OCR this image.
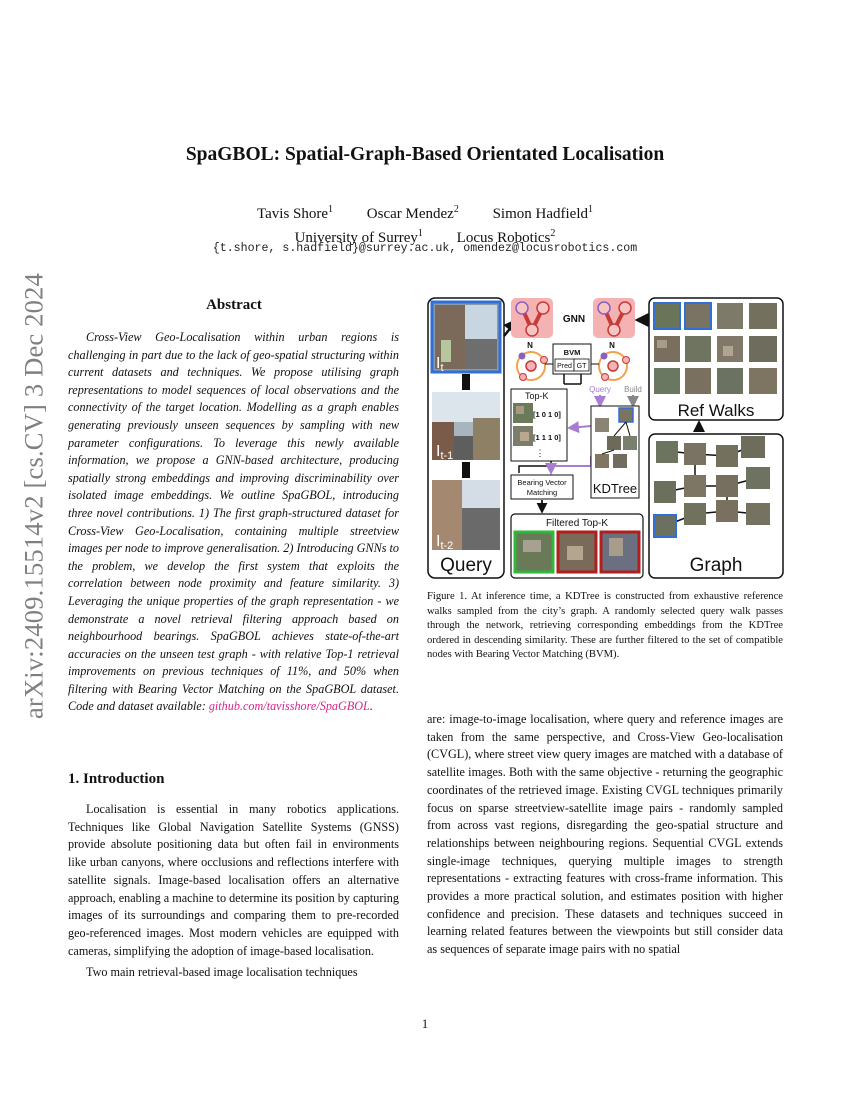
arXiv:2409.15514v2 [cs.CV] 3 Dec 2024
SpaGBOL: Spatial-Graph-Based Orientated Localisation
Tavis Shore$^1$ Oscar Mendez$^2$ Simon Hadfield$^1$
University of Surrey$^1$ Locus Robotics$^2$
{t.shore, s.hadfield}@surrey.ac.uk, omendez@locusrobotics.com
Abstract

Cross-View Geo-Localisation within urban regions is challenging in part due to the lack of geo-spatial structuring within current datasets and techniques. We propose utilising graph representations to model sequences of local observations and the connectivity of the target location. Modelling as a graph enables generating previously unseen sequences by sampling with new parameter configurations. To leverage this newly available information, we propose a GNN-based architecture, producing spatially strong embeddings and improving discriminability over isolated image embeddings. We outline SpaGBOL, introducing three novel contributions. 1) The first graph-structured dataset for Cross-View Geo-Localisation, containing multiple streetview images per node to improve generalisation. 2) Introducing GNNs to the problem, we develop the first system that exploits the correlation between node proximity and feature similarity. 3) Leveraging the unique properties of the graph representation - we demonstrate a novel retrieval filtering approach based on neighbourhood bearings. SpaGBOL achieves state-of-the-art accuracies on the unseen test graph - with relative Top-1 retrieval improvements on previous techniques of 11%, and 50% when filtering with Bearing Vector Matching on the SpaGBOL dataset. Code and dataset available: github.com/tavisshore/SpaGBOL.

1. Introduction

Localisation is essential in many robotics applications. Techniques like Global Navigation Satellite Systems (GNSS) provide absolute positioning data but often fail in environments like urban canyons, where occlusions and reflections interfere with satellite signals. Image-based localisation offers an alternative approach, enabling a machine to determine its position by capturing images of its surroundings and comparing them to pre-recorded geo-referenced images. Most modern vehicles are equipped with cameras, simplifying the adoption of image-based localisation.

Two main retrieval-based image localisation techniques

It
It-1
It-2
Query
GNN
N	N
BVM
Pred GT
Query Build
Top-K
[1 0 1 0]
[1 1 1 0]
⋮
Bearing Vector
Matching
Filtered Top-K
KDTree
Ref Walks
Graph
Figure 1. At inference time, a KDTree is constructed from exhaustive reference walks sampled from the city’s graph. A randomly selected query walk passes through the network, retrieving corresponding embeddings from the KDTree ordered in descending similarity. These are further filtered to the set of compatible nodes with Bearing Vector Matching (BVM).

are: image-to-image localisation, where query and reference images are taken from the same perspective, and Cross-View Geo-localisation (CVGL), where street view query images are matched with a database of satellite images. Both with the same objective - returning the geographic coordinates of the retrieved image. Existing CVGL techniques primarily focus on sparse streetview-satellite image pairs - randomly sampled from across vast regions, disregarding the geo-spatial structure and relationships between neighbouring regions. Sequential CVGL extends single-image techniques, querying multiple images to strength representations - extracting features with cross-frame information. This provides a more practical solution, and estimates position with higher confidence and precision. These datasets and techniques succeed in learning related features between the viewpoints but still consider data as sequences of separate image pairs with no spatial

1
